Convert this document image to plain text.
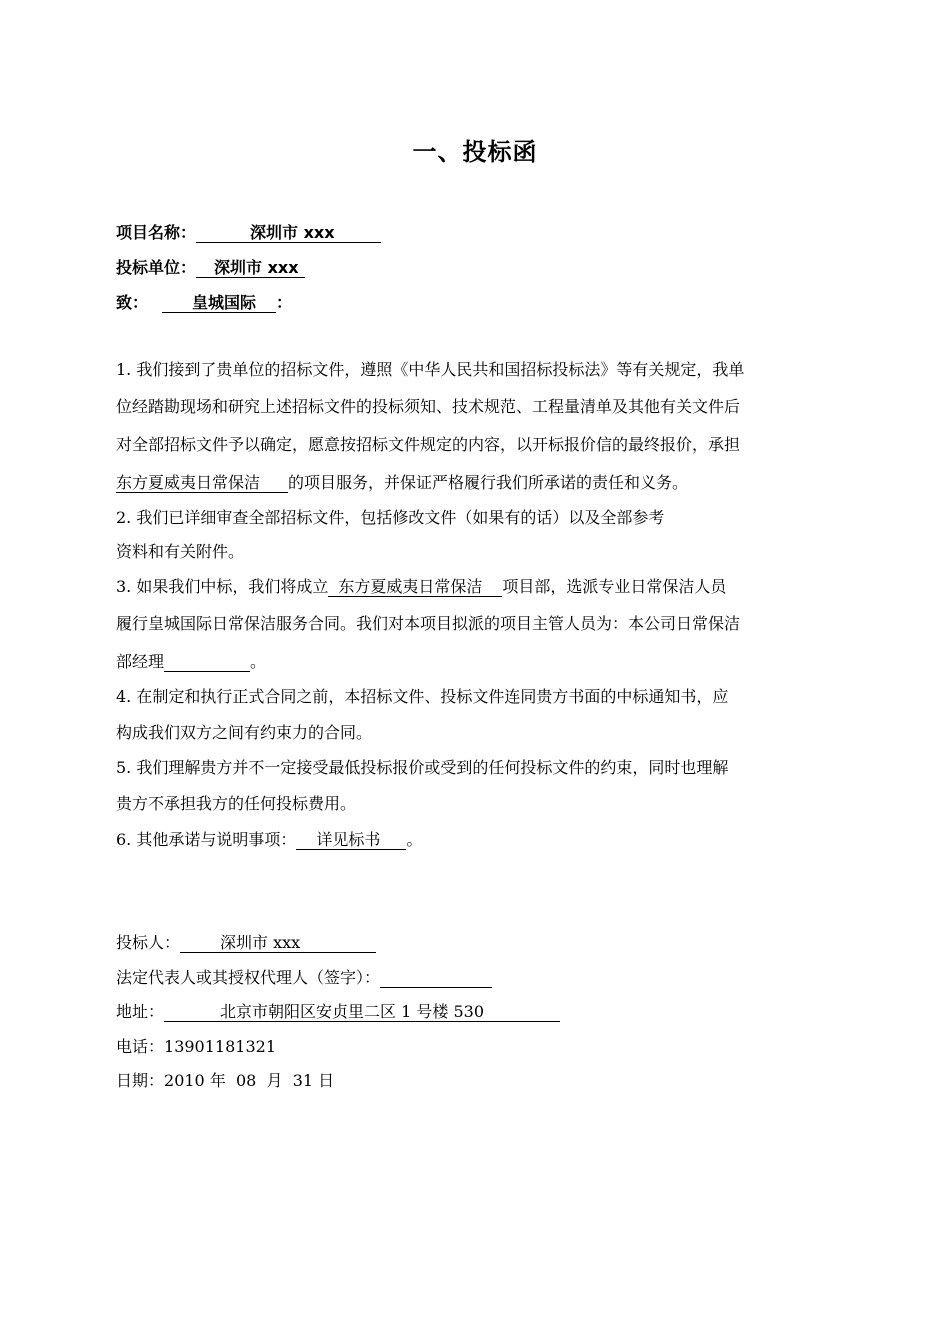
一、投标函
项目名称：	深圳市 xxx
投标单位： 深圳市 xxx
致：	皇城国际 ：
1. 我们接到了贵单位的招标文件，遵照《中华人民共和国招标投标法》等有关规定，我单
位经踏勘现场和研究上述招标文件的投标须知、技术规范、工程量清单及其他有关文件后
对全部招标文件予以确定，愿意按招标文件规定的内容，以开标报价信的最终报价，承担
东方夏威夷日常保洁 的项目服务，并保证严格履行我们所承诺的责任和义务。
2. 我们已详细审查全部招标文件，包括修改文件（如果有的话）以及全部参考
资料和有关附件。
3. 如果我们中标，我们将成立 东方夏威夷日常保洁 项目部，选派专业日常保洁人员
履行皇城国际日常保洁服务合同。我们对本项目拟派的项目主管人员为：本公司日常保洁
部经理	。
4. 在制定和执行正式合同之前，本招标文件、投标文件连同贵方书面的中标通知书，应
构成我们双方之间有约束力的合同。
5. 我们理解贵方并不一定接受最低投标报价或受到的任何投标文件的约束，同时也理解
贵方不承担我方的任何投标费用。
6. 其他承诺与说明事项： 详见标书 。
投标人：	深圳市 xxx
法定代表人或其授权代理人（签字）：
地址：	北京市朝阳区安贞里二区 1 号楼 530
电话：13901181321
日期：2010 年  08  月  31 日
